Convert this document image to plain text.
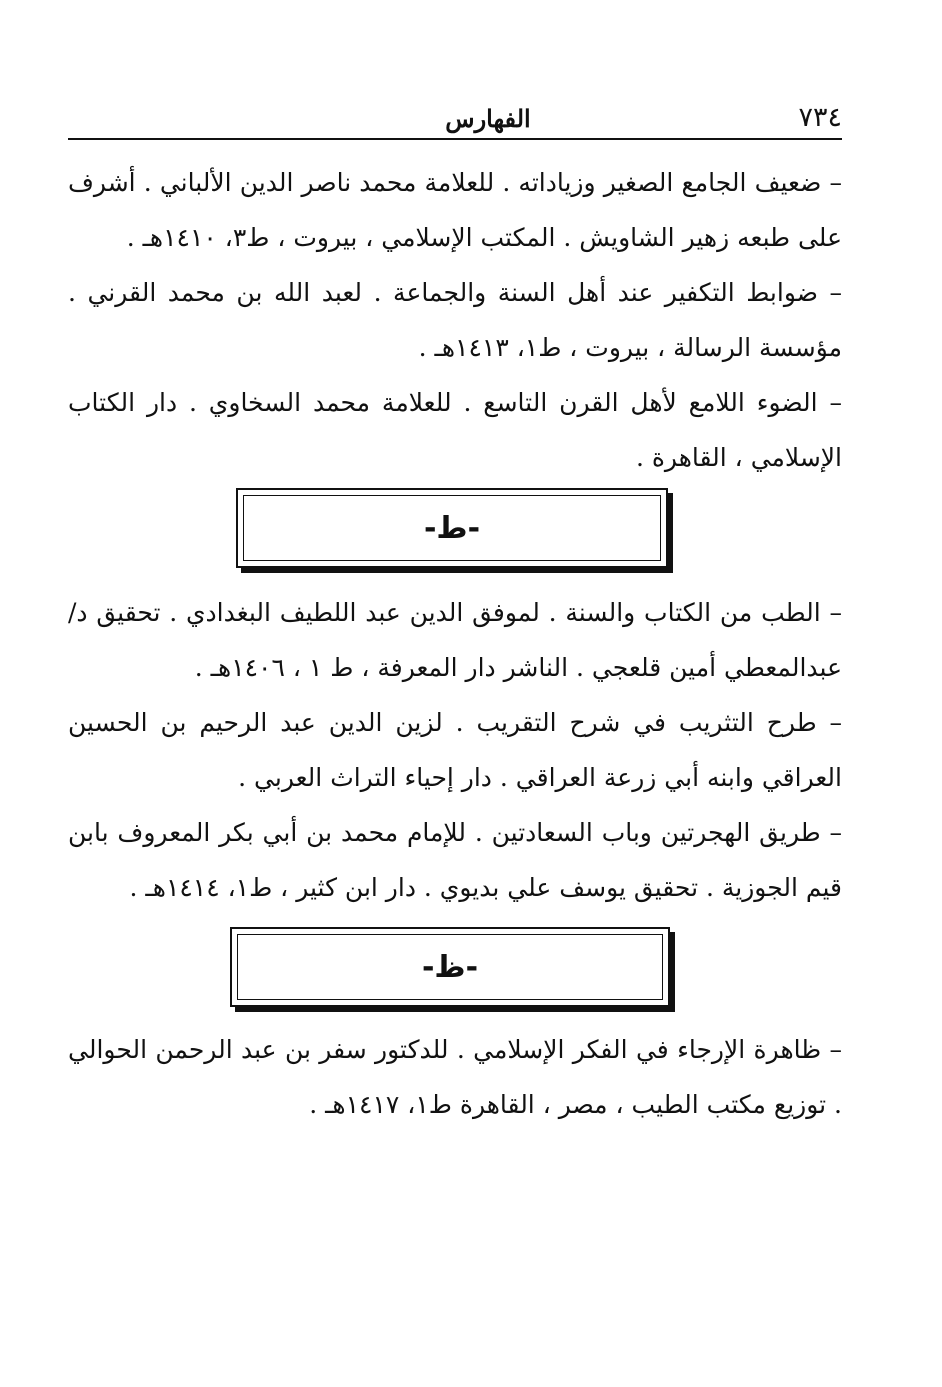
٧٣٤
الفهارس

– ضعيف الجامع الصغير وزياداته . للعلامة محمد ناصر الدين الألباني . أشرف على طبعه زهير الشاويش . المكتب الإسلامي ، بيروت ، ط٣، ١٤١٠هـ .

– ضوابط التكفير عند أهل السنة والجماعة . لعبد الله بن محمد القرني . مؤسسة الرسالة ، بيروت ، ط١، ١٤١٣هـ .

– الضوء اللامع لأهل القرن التاسع . للعلامة محمد السخاوي . دار الكتاب الإسلامي ، القاهرة .

-ط-

– الطب من الكتاب والسنة . لموفق الدين عبد اللطيف البغدادي . تحقيق د/عبدالمعطي أمين قلعجي . الناشر دار المعرفة ، ط ١ ، ١٤٠٦هـ .

– طرح التثريب في شرح التقريب . لزين الدين عبد الرحيم بن الحسين العراقي وابنه أبي زرعة العراقي . دار إحياء التراث العربي .

– طريق الهجرتين وباب السعادتين . للإمام محمد بن أبي بكر المعروف بابن قيم الجوزية . تحقيق يوسف علي بديوي . دار ابن كثير ، ط١، ١٤١٤هـ .

-ظ-

– ظاهرة الإرجاء في الفكر الإسلامي . للدكتور سفر بن عبد الرحمن الحوالي . توزيع مكتب الطيب ، مصر ، القاهرة ط١، ١٤١٧هـ .
